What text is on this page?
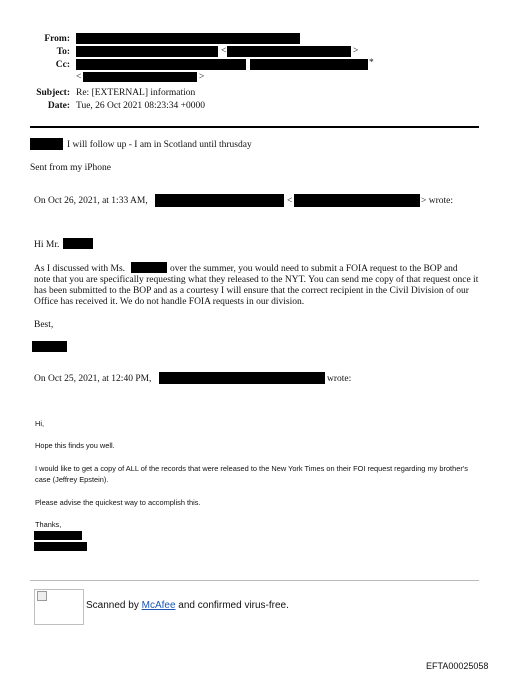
From:
To:	<	>
Cc:	*
<	>
Subject: Re: [EXTERNAL] information
Date: Tue, 26 Oct 2021 08:23:34 +0000
I will follow up - I am in Scotland until thrusday
Sent from my iPhone
On Oct 26, 2021, at 1:33 AM,	<	> wrote:
Hi Mr.
As I discussed with Ms.	over the summer, you would need to submit a FOIA request to the BOP and
note that you are specifically requesting what they released to the NYT. You can send me copy of that request once it has been submitted to the BOP and as a courtesy I will ensure that the correct recipient in the Civil Division of our Office has received it. We do not handle FOIA requests in our division.
Best,
On Oct 25, 2021, at 12:40 PM,	wrote:
Hi,
Hope this finds you well.
I would like to get a copy of ALL of the records that were released to the New York Times on their FOI request regarding my brother's case (Jeffrey Epstein).
Please advise the quickest way to accomplish this.
Thanks,
Scanned by McAfee and confirmed virus-free.
EFTA00025058
